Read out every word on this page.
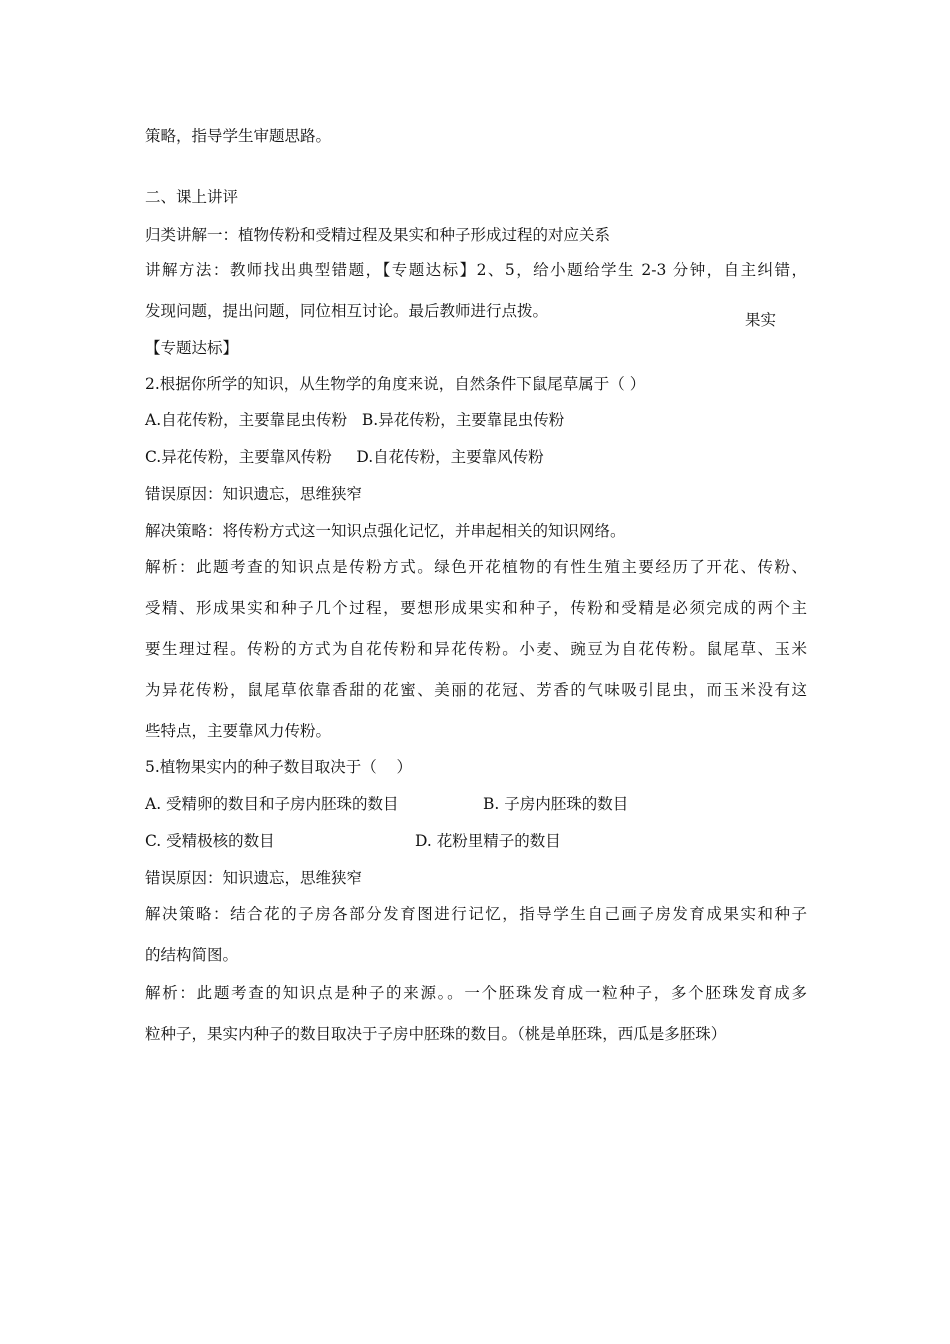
策略，指导学生审题思路。
二、课上讲评
归类讲解一：植物传粉和受精过程及果实和种子形成过程的对应关系
讲解方法：教师找出典型错题，【专题达标】2、5，给小题给学生 2-3 分钟，自主纠错，
发现问题，提出问题，同位相互讨论。最后教师进行点拨。	果实
【专题达标】
2.根据你所学的知识，从生物学的角度来说，自然条件下鼠尾草属于（ ）
A.自花传粉，主要靠昆虫传粉   B.异花传粉，主要靠昆虫传粉
C.异花传粉，主要靠风传粉     D.自花传粉，主要靠风传粉
错误原因：知识遗忘，思维狭窄
解决策略：将传粉方式这一知识点强化记忆，并串起相关的知识网络。
解析：此题考查的知识点是传粉方式。绿色开花植物的有性生殖主要经历了开花、传粉、
受精、形成果实和种子几个过程，要想形成果实和种子，传粉和受精是必须完成的两个主
要生理过程。传粉的方式为自花传粉和异花传粉。小麦、豌豆为自花传粉。鼠尾草、玉米
为异花传粉，鼠尾草依靠香甜的花蜜、美丽的花冠、芳香的气味吸引昆虫，而玉米没有这
些特点，主要靠风力传粉。
5.植物果实内的种子数目取决于（    ）
A. 受精卵的数目和子房内胚珠的数目	B. 子房内胚珠的数目
C. 受精极核的数目	D. 花粉里精子的数目
错误原因：知识遗忘，思维狭窄
解决策略：结合花的子房各部分发育图进行记忆，指导学生自己画子房发育成果实和种子
的结构简图。
解析：此题考查的知识点是种子的来源。。一个胚珠发育成一粒种子，多个胚珠发育成多
粒种子，果实内种子的数目取决于子房中胚珠的数目。（桃是单胚珠，西瓜是多胚珠）
